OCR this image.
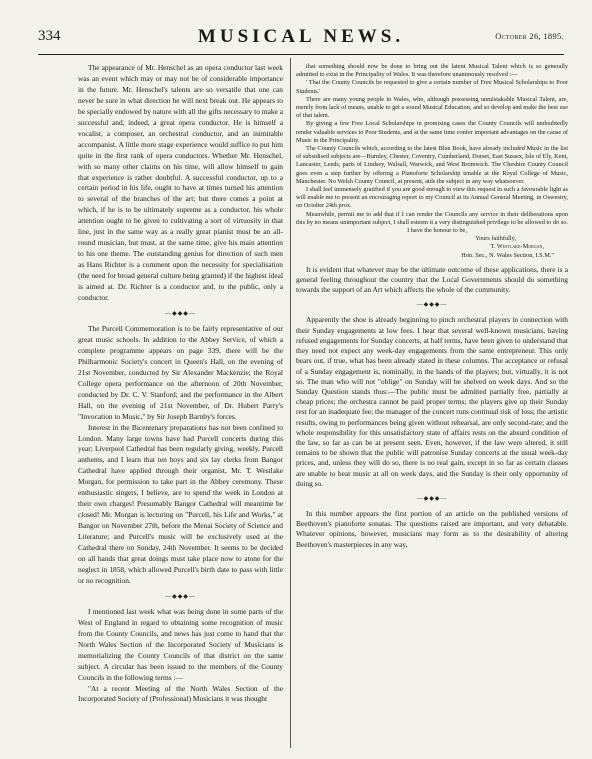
334	MUSICAL NEWS.	October 26, 1895.

The appearance of Mr. Henschel as an opera conductor last week was an event which may or may not be of considerable importance in the future. Mr. Henschel's talents are so versatile that one can never be sure in what direction he will next break out. He appears to be specially endowed by nature with all the gifts necessary to make a successful and, indeed, a great opera conductor. He is himself a vocalist, a composer, an orchestral conductor, and an inimitable accompanist. A little more stage experience would suffice to put him quite in the first rank of opera conductors. Whether Mr. Henschel, with so many other claims on his time, will allow himself to gain that experience is rather doubtful. A successful conductor, up to a certain period in his life, ought to have at times turned his attention to several of the branches of the art; but there comes a point at which, if he is to be ultimately supreme as a conductor, his whole attention ought to be given to cultivating a sort of virtuosity in that line, just in the same way as a really great pianist must be an all-round musician, but must, at the same time, give his main attention to his one theme. The outstanding genius for direction of such men as Hans Richter is a comment upon the necessity for specialisation (the need for broad general culture being granted) if the highest ideal is aimed at. Dr. Richter is a conductor and, to the public, only a conductor.

—◆◆◆—

The Purcell Commemoration is to be fairly representative of our great music schools. In addition to the Abbey Service, of which a complete programme appears on page 339, there will be the Philharmonic Society's concert in Queen's Hall, on the evening of 21st November, conducted by Sir Alexander Mackenzie; the Royal College opera performance on the afternoon of 20th November, conducted by Dr. C. V. Stanford; and the performance in the Albert Hall, on the evening of 21st November, of Dr. Hubert Parry's "Invocation to Music," by Sir Joseph Barnby's forces.

Interest in the Bicentenary preparations has not been confined to London. Many large towns have had Purcell concerts during this year; Liverpool Cathedral has been regularly giving, weekly, Purcell anthems, and I learn that ten boys and six lay clerks from Bangor Cathedral have applied through their organist, Mr. T. Westlake Morgan, for permission to take part in the Abbey ceremony. These enthusiastic singers, I believe, are to spend the week in London at their own charges! Presumably Bangor Cathedral will meantime be closed! Mr. Morgan is lecturing on "Purcell, his Life and Works," at Bangor on November 27th, before the Menai Society of Science and Literature; and Purcell's music will be exclusively used at the Cathedral there on Sunday, 24th November. It seems to be decided on all hands that great doings must take place now to atone for the neglect in 1858, which allowed Purcell's birth date to pass with little or no recognition.

—◆◆◆—

I mentioned last week what was being done in some parts of the West of England in regard to obtaining some recognition of music from the County Councils, and news has just come to hand that the North Wales Section of the Incorporated Society of Musicians is memorializing the County Councils of that district on the same subject. A circular has been issued to the members of the County Councils in the following terms :—

"At a recent Meeting of the North Wales Section of the Incorporated Society of (Professional) Musicians it was thought

that something should now be done to bring out the latent Musical Talent which is so generally admitted to exist in the Principality of Wales. It was therefore unanimously resolved :—

' That the County Councils be requested to give a certain number of Free Musical Scholarships to Poor Students.'

There are many young people in Wales, who, although possessing unmistakable Musical Talent, are, merely from lack of means, unable to get a sound Musical Education, and so develop and make the best use of that talent.

By giving a few Free Local Scholarships in promising cases the County Councils will undoubtedly render valuable services to Poor Students, and at the same time confer important advantages on the cause of Music in the Principality.

The County Councils which, according to the latest Blue Book, have already included Music in the list of subsidised subjects are—Burnley, Chester, Coventry, Cumberland, Dorset, East Sussex, Isle of Ely, Kent, Lancaster, Leeds, parts of Lindsey, Walsall, Warwick, and West Bromwich. The Cheshire County Council goes even a step further by offering a Pianoforte Scholarship tenable at the Royal College of Music, Manchester. No Welsh County Council, at present, aids the subject in any way whatsoever.

I shall feel immensely gratified if you are good enough to view this request in such a favourable light as will enable me to present an encouraging report to my Council at its Annual General Meeting, in Oswestry, on October 24th prox.

Meanwhile, permit me to add that if I can render the Councils any service in their deliberations upon this by no means unimportant subject, I shall esteem it a very distinguished privilege to be allowed to do so.

I have the honour to be,

Yours faithfully,

T. Westlake-Morgan,

Hon. Sec., N. Wales Section, I.S.M."

It is evident that whatever may be the ultimate outcome of these applications, there is a general feeling throughout the country that the Local Governments should do something towards the support of an Art which affects the whole of the community.

—◆◆◆—

Apparently the shoe is already beginning to pinch orchestral players in connection with their Sunday engagements at low fees. I hear that several well-known musicians, having refused engagements for Sunday concerts, at half terms, have been given to understand that they need not expect any week-day engagements from the same entrepreneur. This only bears out, if true, what has been already stated in these columns. The acceptance or refusal of a Sunday engagement is, nominally, in the hands of the players; but, virtually, it is not so. The man who will not "oblige" on Sunday will be shelved on week days. And so the Sunday Question stands thus:—The public must be admitted partially free, partially at cheap prices; the orchestra cannot be paid proper terms; the players give up their Sunday rest for an inadequate fee; the manager of the concert runs continual risk of loss; the artistic results, owing to performances being given without rehearsal, are only second-rate; and the whole responsibility for this unsatisfactory state of affairs rests on the absurd condition of the law, so far as can be at present seen. Even, however, if the law were altered, it still remains to be shown that the public will patronise Sunday concerts at the usual week-day prices, and, unless they will do so, there is no real gain, except in so far as certain classes are unable to hear music at all on week days, and the Sunday is their only opportunity of doing so.

—◆◆◆—

In this number appears the first portion of an article on the published versions of Beethoven's pianoforte sonatas. The questions raised are important, and very debatable. Whatever opinions, however, musicians may form as to the desirability of altering Beethoven's masterpieces in any way,
